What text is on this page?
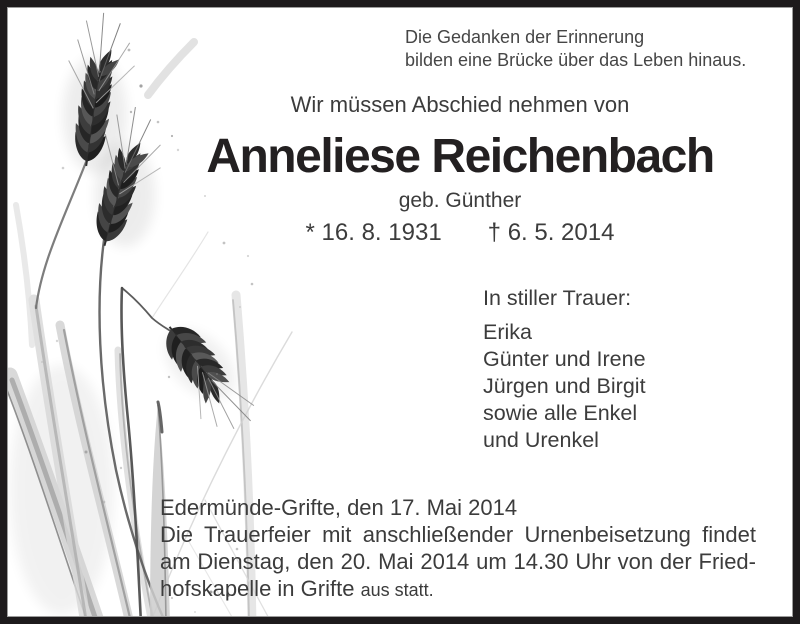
Die Gedanken der Erinnerung
bilden eine Brücke über das Leben hinaus.
Wir müssen Abschied nehmen von
Anneliese Reichenbach
geb. Günther
* 16. 8. 1931 † 6. 5. 2014
In stiller Trauer:
Erika
Günter und Irene
Jürgen und Birgit
sowie alle Enkel
und Urenkel
Edermünde-Grifte, den 17. Mai 2014
Die Trauerfeier mit anschließender Urnenbeisetzung findet
am Dienstag, den 20. Mai 2014 um 14.30 Uhr von der Fried-
hofskapelle in Grifte aus statt.
